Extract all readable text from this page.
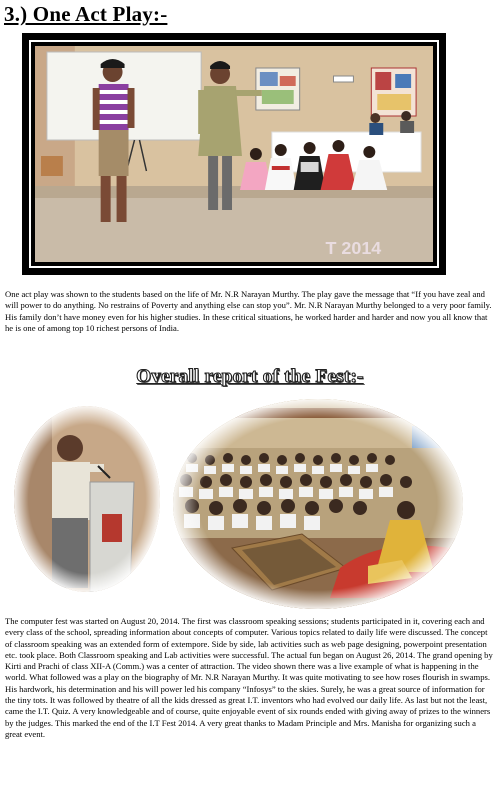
3.) One Act Play:-
T 2014

One act play was shown to the students based on the life of Mr. N.R Narayan Murthy. The play gave the message that “If you have zeal and will power to do anything. No restrains of Poverty and anything else can stop you”. Mr. N.R Narayan Murthy belonged to a very poor family. His family don’t have money even for his higher studies. In these critical situations, he worked harder and harder and now you all know that he is one of among top 10 richest persons of India.

Overall report of the Fest:-

The computer fest was started on August 20, 2014. The first was classroom speaking sessions; students participated in it, covering each and every class of the school, spreading information about concepts of computer. Various topics related to daily life were discussed. The concept of classroom speaking was an extended form of extempore. Side by side, lab activities such as web page designing, powerpoint presentation etc. took place. Both Classroom speaking and Lab activities were successful. The actual fun began on August 26, 2014. The grand opening by Kirti and Prachi of class XII-A (Comm.) was a center of attraction. The video shown there was a live example of what is happening in the world. What followed was a play on the biography of Mr. N.R Narayan Murthy. It was quite motivating to see how roses flourish in swamps. His hardwork, his determination and his will power led his company “Infosys” to the skies. Surely, he was a great source of information for the tiny tots. It was followed by theatre of all the kids dressed as great I.T. inventors who had evolved our daily life. As last but not the least, came the I.T. Quiz. A very knowledgeable and of course, quite enjoyable event of six rounds ended with giving away of prizes to the winners by the judges. This marked the end of the I.T Fest 2014. A very great thanks to Madam Principle and Mrs. Manisha for organizing such a great event.
